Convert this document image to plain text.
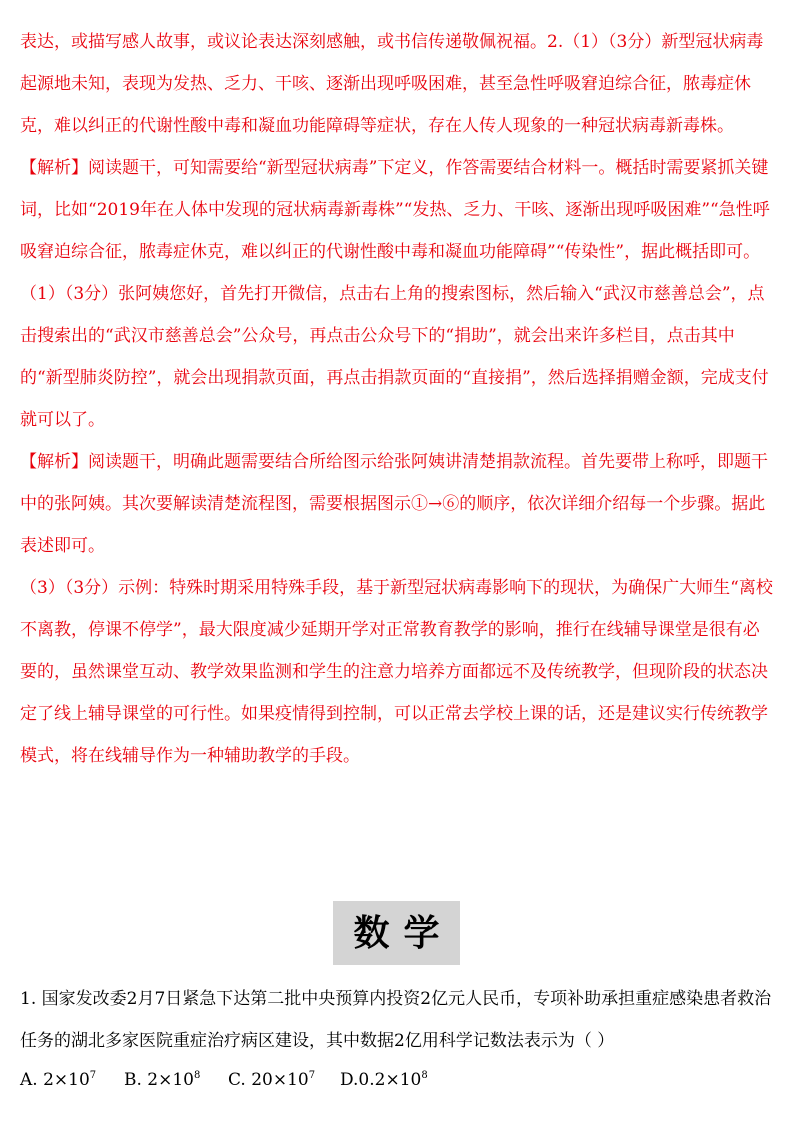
表达，或描写感人故事，或议论表达深刻感触，或书信传递敬佩祝福。2.（1）（3分）新型冠状病毒起源地未知，表现为发热、乏力、干咳、逐渐出现呼吸困难，甚至急性呼吸窘迫综合征，脓毒症休克，难以纠正的代谢性酸中毒和凝血功能障碍等症状，存在人传人现象的一种冠状病毒新毒株。

【解析】阅读题干，可知需要给“新型冠状病毒”下定义，作答需要结合材料一。概括时需要紧抓关键词，比如“2019年在人体中发现的冠状病毒新毒株”“发热、乏力、干咳、逐渐出现呼吸困难”“急性呼吸窘迫综合征，脓毒症休克，难以纠正的代谢性酸中毒和凝血功能障碍”“传染性”，据此概括即可。

（1）（3分）张阿姨您好，首先打开微信，点击右上角的搜索图标，然后输入“武汉市慈善总会”，点击搜索出的“武汉市慈善总会”公众号，再点击公众号下的“捐助”，就会出来许多栏目，点击其中的“新型肺炎防控”，就会出现捐款页面，再点击捐款页面的“直接捐”，然后选择捐赠金额，完成支付就可以了。

【解析】阅读题干，明确此题需要结合所给图示给张阿姨讲清楚捐款流程。首先要带上称呼，即题干中的张阿姨。其次要解读清楚流程图，需要根据图示①→⑥的顺序，依次详细介绍每一个步骤。据此表述即可。

（3）（3分）示例：特殊时期采用特殊手段，基于新型冠状病毒影响下的现状，为确保广大师生“离校不离教，停课不停学”，最大限度减少延期开学对正常教育教学的影响，推行在线辅导课堂是很有必要的，虽然课堂互动、教学效果监测和学生的注意力培养方面都远不及传统教学，但现阶段的状态决定了线上辅导课堂的可行性。如果疫情得到控制，可以正常去学校上课的话，还是建议实行传统教学模式，将在线辅导作为一种辅助教学的手段。

数学

1. 国家发改委2月7日紧急下达第二批中央预算内投资2亿元人民币，专项补助承担重症感染患者救治任务的湖北多家医院重症治疗病区建设，其中数据2亿用科学记数法表示为（ ）

A. $2\times 10^7$ B. $2\times 10^8$ C. $20\times 10^7$ $D.0.2\times 10^8$
